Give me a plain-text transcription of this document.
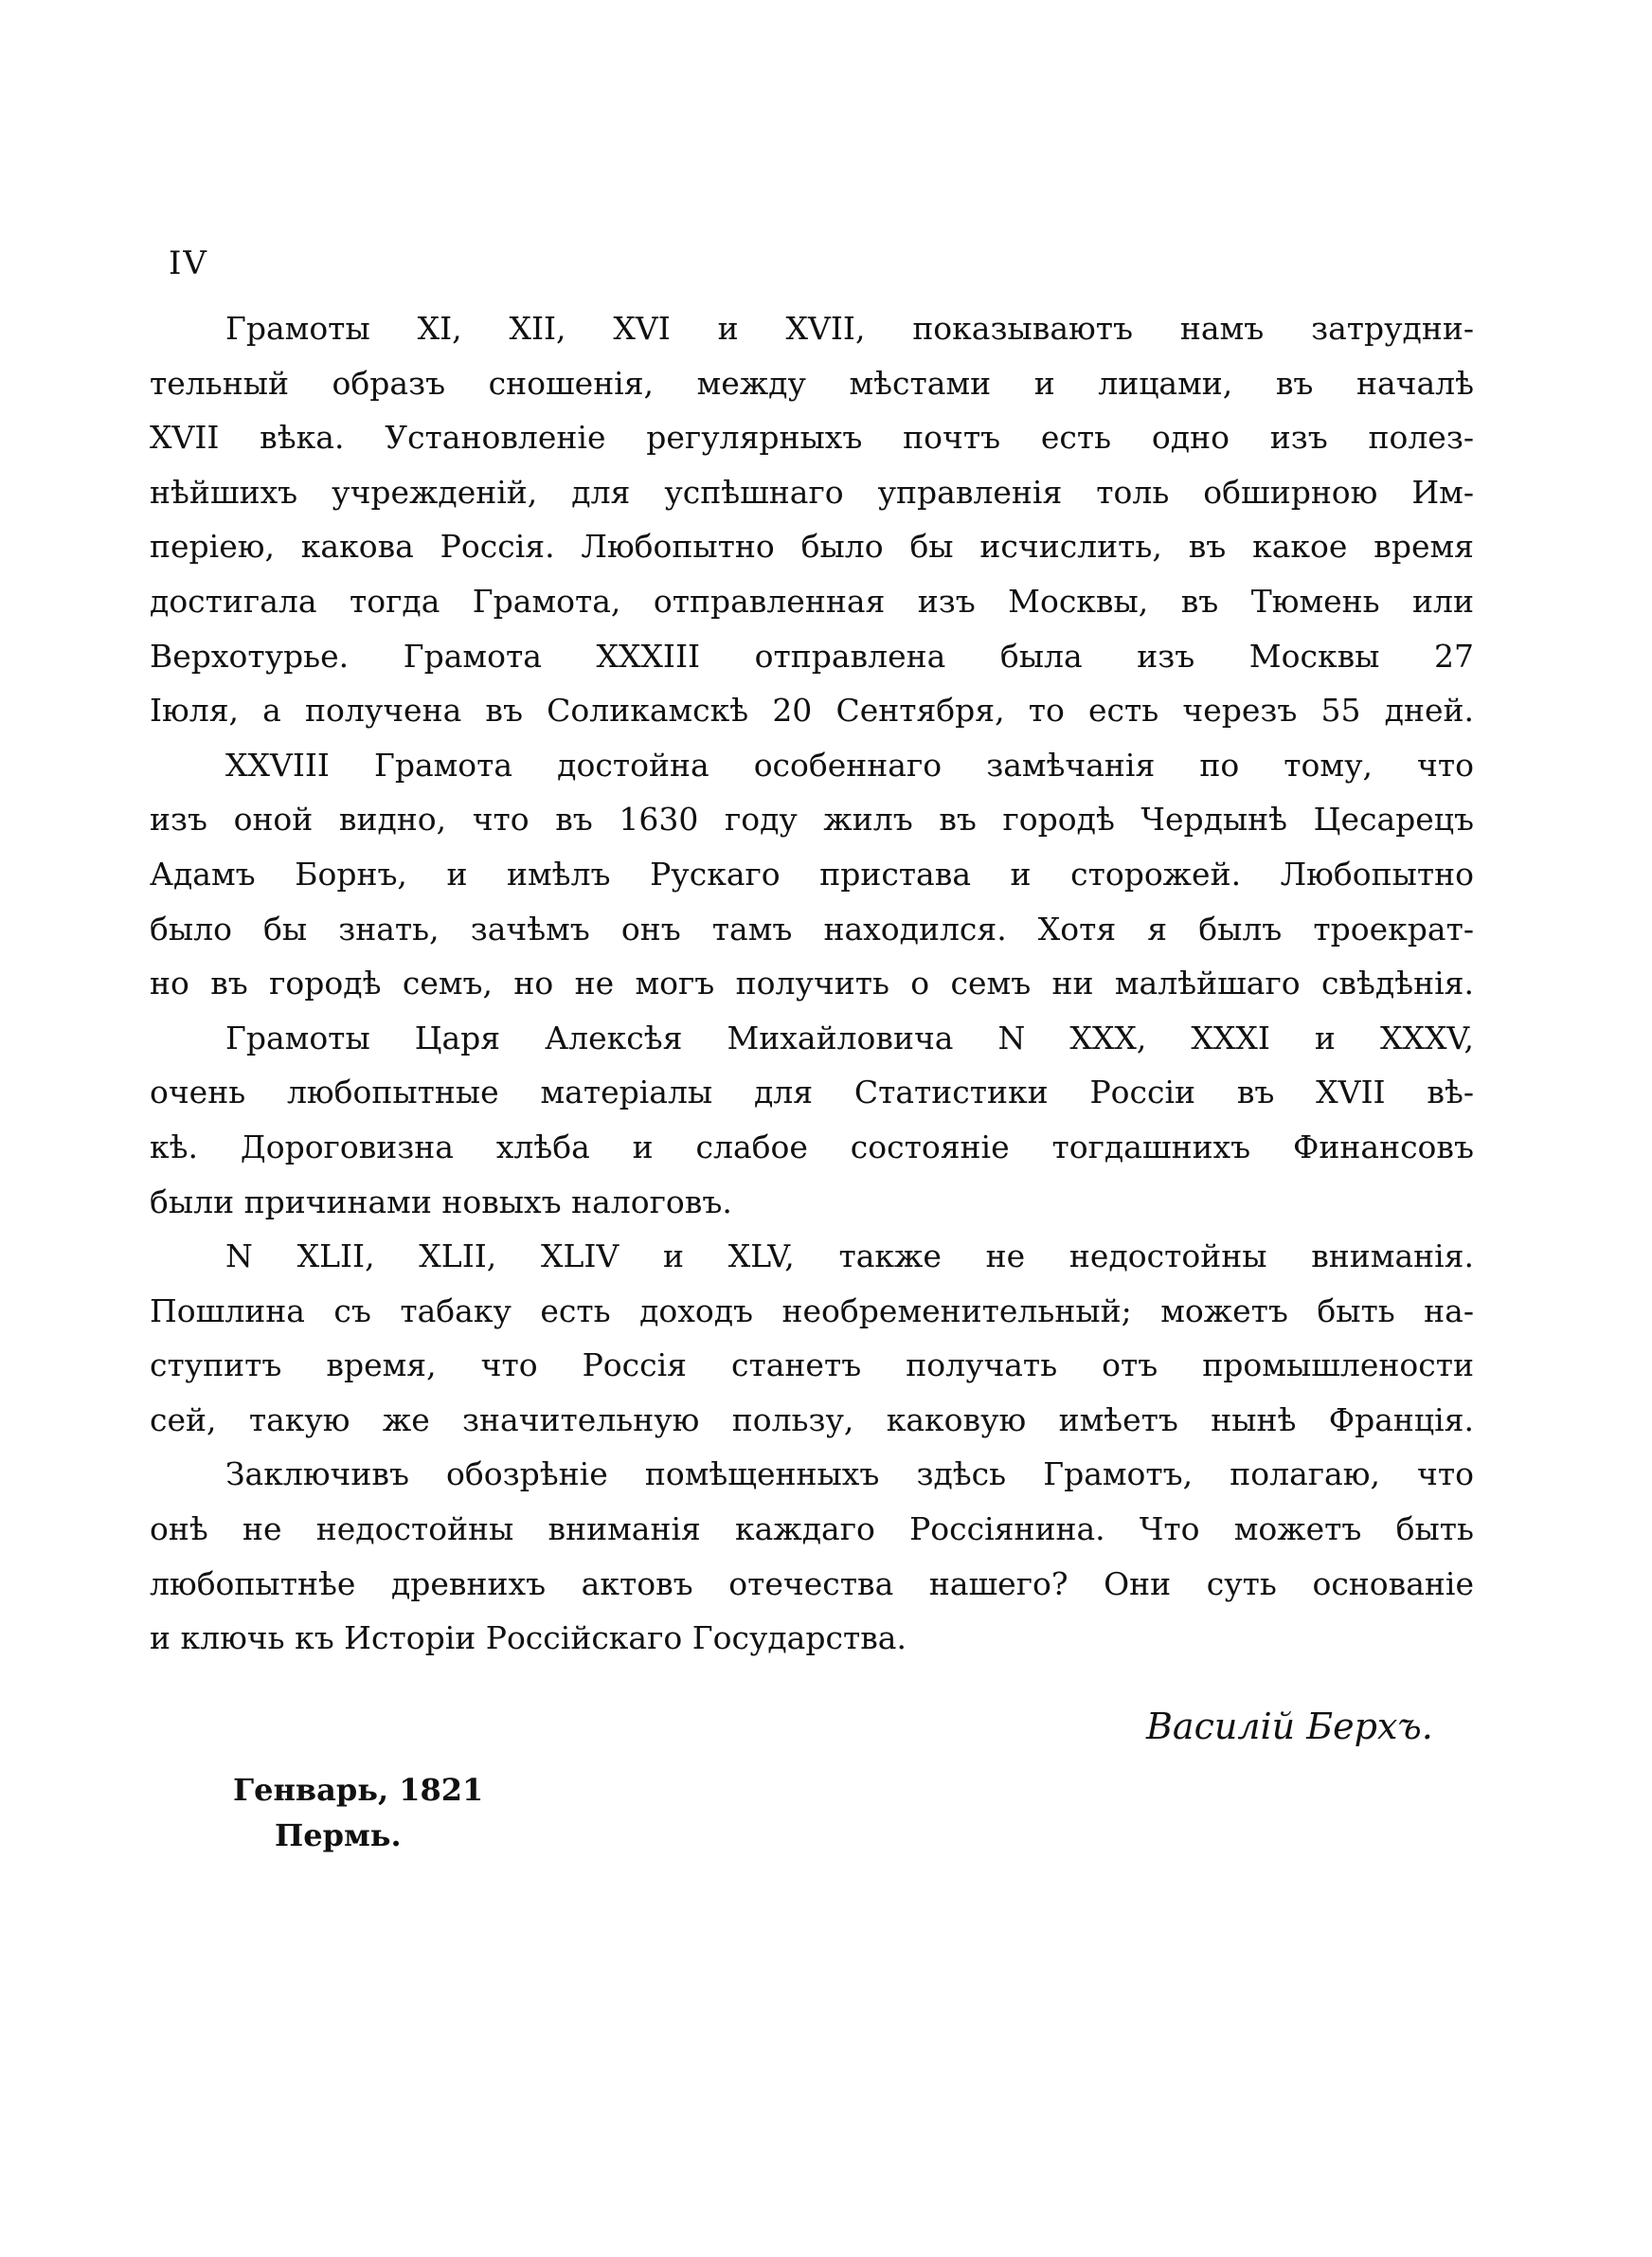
IV
Грамоты XI, XII, XVI и XVII, показываютъ намъ затрудни-
тельный образъ сношенія, между мѣстами и лицами, въ началѣ
XVII вѣка. Установленіе регулярныхъ почтъ есть одно изъ полез-
нѣйшихъ учрежденій, для успѣшнаго управленія толь обширною Им-
періею, какова Россія. Любопытно было бы исчислить, въ какое время
достигала тогда Грамота, отправленная изъ Москвы, въ Тюмень или
Верхотурье. Грамота XXXIII отправлена была изъ Москвы 27
Іюля, а получена въ Соликамскѣ 20 Сентября, то есть черезъ 55 дней.
XXVIII Грамота достойна особеннаго замѣчанія по тому, что
изъ оной видно, что въ 1630 году жилъ въ городѣ Чердынѣ Цесарецъ
Адамъ Борнъ, и имѣлъ Рускаго пристава и сторожей. Любопытно
было бы знать, зачѣмъ онъ тамъ находился. Хотя я былъ троекрат-
но въ городѣ семъ, но не могъ получить о семъ ни малѣйшаго свѣдѣнія.
Грамоты Царя Алексѣя Михайловича N XXX, XXXI и XXXV,
очень любопытные матеріалы для Статистики Россіи въ XVII вѣ-
кѣ. Дороговизна хлѣба и слабое состояніе тогдашнихъ Финансовъ
были причинами новыхъ налоговъ.
N XLII, XLII, XLIV и XLV, также не недостойны вниманія.
Пошлина съ табаку есть доходъ необременительный; можетъ быть на-
ступитъ время, что Россія станетъ получать отъ промышлености
сей, такую же значительную пользу, каковую имѣетъ нынѣ Франція.
Заключивъ обозрѣніе помѣщенныхъ здѣсь Грамотъ, полагаю, что
онѣ не недостойны вниманія каждаго Россіянина. Что можетъ быть
любопытнѣе древнихъ актовъ отечества нашего? Они суть основаніе
и ключь къ Исторіи Россійскаго Государства.
Василій Берхъ.
Генварь, 1821
Пермь.
